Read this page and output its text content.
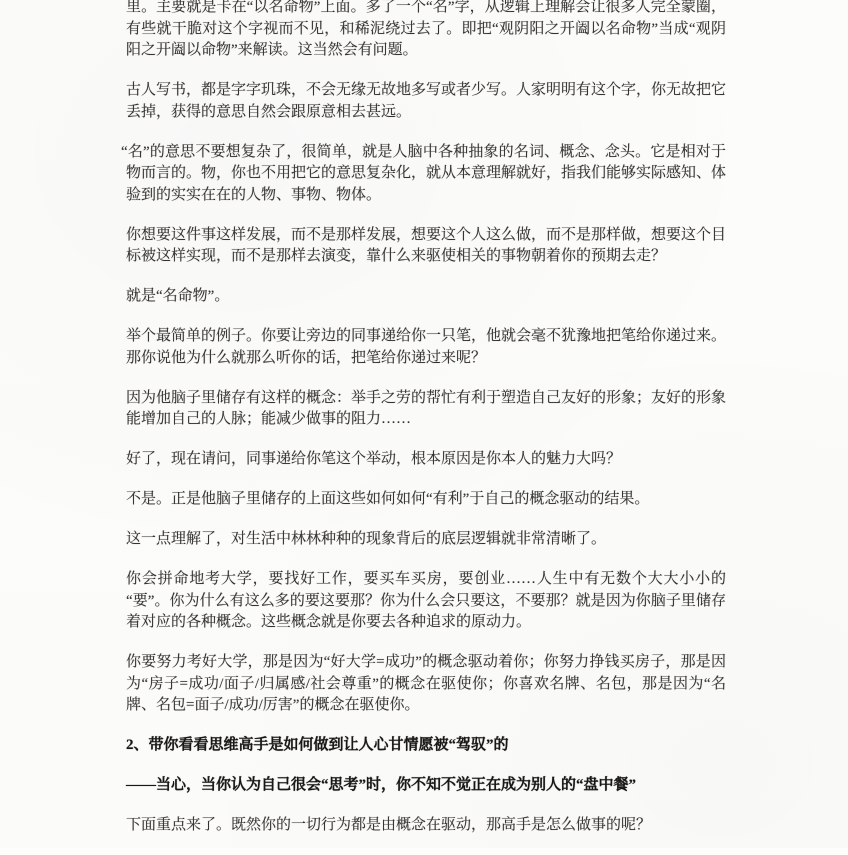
里。主要就是卡在“以名命物”上面。多了一个“名”字，从逻辑上理解会让很多人完全蒙圈，有些就干脆对这个字视而不见，和稀泥绕过去了。即把“观阴阳之开阖以名命物”当成“观阴阳之开阖以命物”来解读。这当然会有问题。

古人写书，都是字字玑珠，不会无缘无故地多写或者少写。人家明明有这个字，你无故把它丢掉，获得的意思自然会跟原意相去甚远。

“名”的意思不要想复杂了，很简单，就是人脑中各种抽象的名词、概念、念头。它是相对于物而言的。物，你也不用把它的意思复杂化，就从本意理解就好，指我们能够实际感知、体验到的实实在在的人物、事物、物体。

你想要这件事这样发展，而不是那样发展，想要这个人这么做，而不是那样做，想要这个目标被这样实现，而不是那样去演变，靠什么来驱使相关的事物朝着你的预期去走？

就是“名命物”。

举个最简单的例子。你要让旁边的同事递给你一只笔，他就会毫不犹豫地把笔给你递过来。那你说他为什么就那么听你的话，把笔给你递过来呢？

因为他脑子里储存有这样的概念：举手之劳的帮忙有利于塑造自己友好的形象；友好的形象能增加自己的人脉；能减少做事的阻力……

好了，现在请问，同事递给你笔这个举动，根本原因是你本人的魅力大吗？

不是。正是他脑子里储存的上面这些如何如何“有利”于自己的概念驱动的结果。

这一点理解了，对生活中林林种种的现象背后的底层逻辑就非常清晰了。

你会拼命地考大学，要找好工作，要买车买房，要创业……人生中有无数个大大小小的“要”。你为什么有这么多的要这要那？你为什么会只要这，不要那？就是因为你脑子里储存着对应的各种概念。这些概念就是你要去各种追求的原动力。

你要努力考好大学，那是因为“好大学=成功”的概念驱动着你；你努力挣钱买房子，那是因为“房子=成功/面子/归属感/社会尊重”的概念在驱使你；你喜欢名牌、名包，那是因为“名牌、名包=面子/成功/厉害”的概念在驱使你。

2、带你看看思维高手是如何做到让人心甘情愿被“驾驭”的

——当心，当你认为自己很会“思考”时，你不知不觉正在成为别人的“盘中餐”

下面重点来了。既然你的一切行为都是由概念在驱动，那高手是怎么做事的呢？
